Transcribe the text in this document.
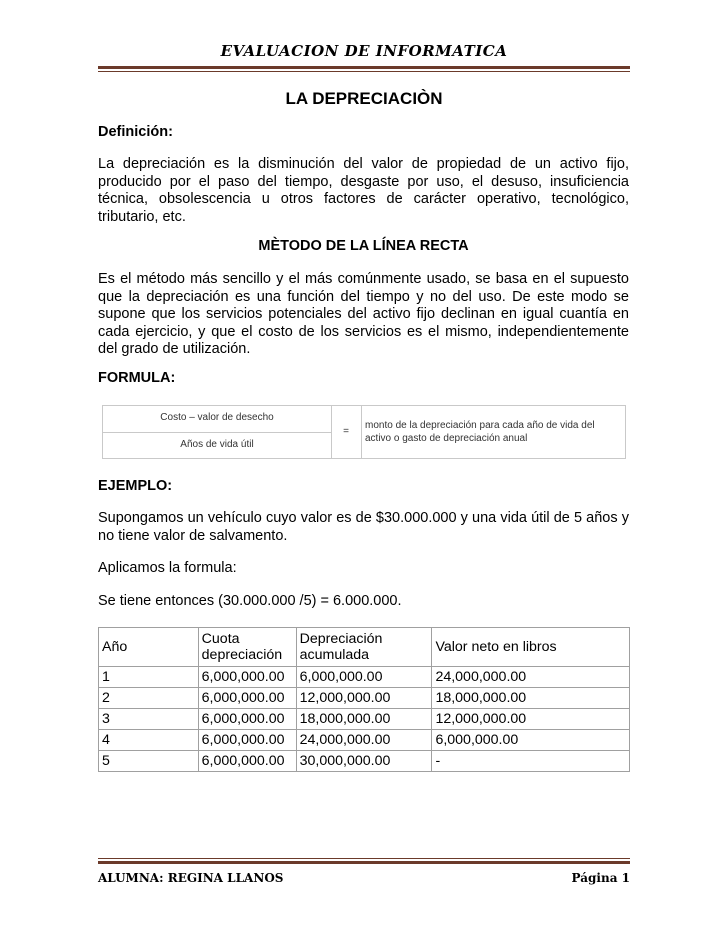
EVALUACION DE INFORMATICA
LA DEPRECIACIÒN
Definición:
La depreciación es la disminución del valor de propiedad de un activo fijo, producido por el paso del tiempo, desgaste por uso, el desuso, insuficiencia técnica, obsolescencia u otros factores de carácter operativo, tecnológico, tributario, etc.
MÈTODO DE LA LÍNEA RECTA
Es el método más sencillo y el más comúnmente usado, se basa en el supuesto que la depreciación es una función del tiempo y no del uso. De este modo se supone que los servicios potenciales del activo fijo declinan en igual cuantía en cada ejercicio, y que el costo de los servicios es el mismo, independientemente del grado de utilización.
FORMULA:
Costo – valor de desecho
Años de vida útil
=
monto de la depreciación para cada año de vida del activo o gasto de depreciación anual
EJEMPLO:
Supongamos un vehículo cuyo valor es de $30.000.000 y una vida útil de 5 años y no tiene valor de salvamento.
Aplicamos la formula:
Se tiene entonces (30.000.000 /5) = 6.000.000.
Año	Cuota depreciación	Depreciación acumulada	Valor neto en libros
1	6,000,000.00	6,000,000.00	24,000,000.00
2	6,000,000.00	12,000,000.00	18,000,000.00
3	6,000,000.00	18,000,000.00	12,000,000.00
4	6,000,000.00	24,000,000.00	6,000,000.00
5	6,000,000.00	30,000,000.00	-
ALUMNA: REGINA LLANOS	Página 1
